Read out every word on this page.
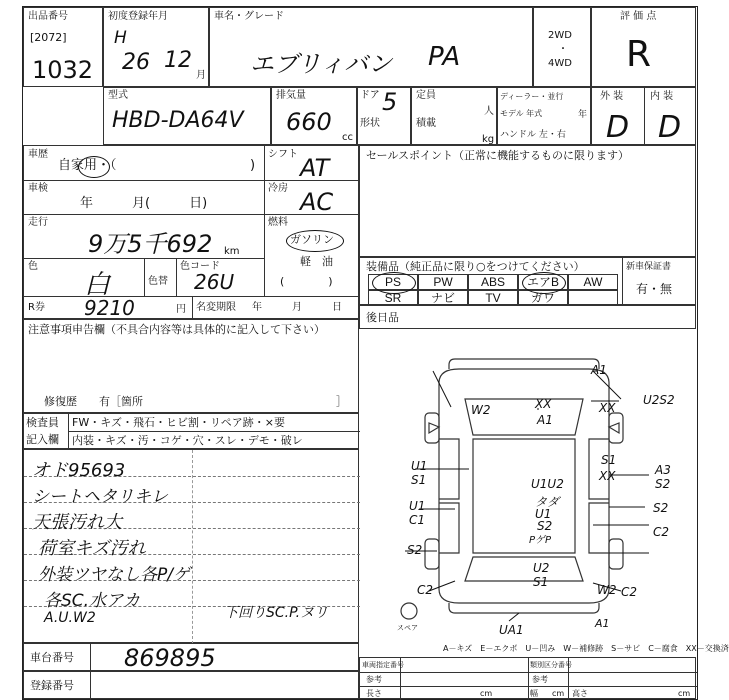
出品番号
[2072]
1032
初度登録年月
H
26 12
月
車名・グレード
エブリィバン PA
2WD
・
4WD
評 価 点
R
型式
HBD-DA64V
排気量
660
cc
ドア 5
形状
定員
人
積載
kg
ディーラー・並行
モデル 年式	年
ハンドル 左・右
外 装	内 装
D D
車歴
自家用・（	)
車検
年　　　月(　　　日)
走行
9万5千692 km
色
白	色替
色コード
26U
R券 9210	円 名変期限 年　　　月　　　日
シフト AT
冷房 AC
燃料
ガソリン
軽　油
(　　　　)
セールスポイント（正常に機能するものに限ります）
装備品（純正品に限り○をつけてください）	新車保証書
有・無
PS	PW	ABS	エアB	AW
SR	ナビ	TV	ガワ
後日品
注意事項申告欄（不具合内容等は具体的に記入して下さい）
修復歴　　有［箇所	］
検査員
記入欄
FW・キズ・飛石・ヒビ割・リペア跡・×要
内装・キズ・汚・コゲ・穴・スレ・デモ・破レ
オド95693
シートヘタリキレ
天張汚れ大
荷室キズ汚れ
外装ツヤなし各P/ゲ
各SC.水アカ
A.U.W2	下回りSC.P.ヌリ
A1
W2	XX
A1
XX
U2S2
U1
S1
U1
C1
U1U2
タダ
U1
S2
PゲP
XX
S1
A3
S2
S2
C2
S2
U2
S1
C2	W2 C2
UA1	A1
スペア
A－キズ　E－エクボ　U－凹み　W－補修跡　S－サビ　C－腐食　XX－交換済
車台番号 869895
登録番号
車両指定番号
参考
類別区分番号
参考
長さ	cm	幅 cm 高さ	cm
